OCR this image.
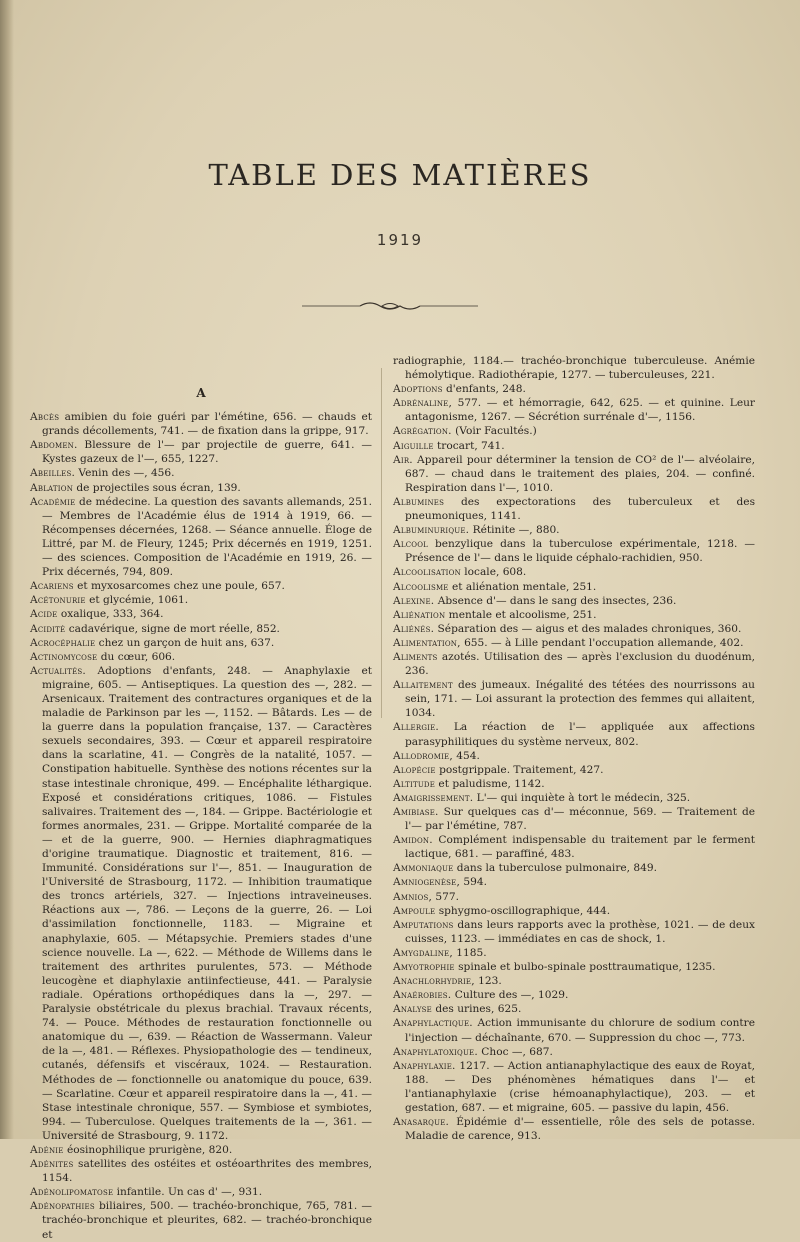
TABLE DES MATIÈRES
1919
A

Abcès amibien du foie guéri par l'émétine, 656. — chauds et grands décollements, 741. — de fixation dans la grippe, 917.

Abdomen. Blessure de l'— par projectile de guerre, 641. — Kystes gazeux de l'—, 655, 1227.

Abeilles. Venin des —, 456.

Ablation de projectiles sous écran, 139.

Académie de médecine. La question des savants allemands, 251. — Membres de l'Académie élus de 1914 à 1919, 66. — Récompenses décernées, 1268. — Séance annuelle. Éloge de Littré, par M. de Fleury, 1245; Prix décernés en 1919, 1251. — des sciences. Composition de l'Académie en 1919, 26. — Prix décernés, 794, 809.

Acariens et myxosarcomes chez une poule, 657.

Acétonurie et glycémie, 1061.

Acide oxalique, 333, 364.

Acidité cadavérique, signe de mort réelle, 852.

Acrocéphalie chez un garçon de huit ans, 637.

Actinomycose du cœur, 606.

Actualités. Adoptions d'enfants, 248. — Anaphylaxie et migraine, 605. — Antiseptiques. La question des —, 282. — Arsenicaux. Traitement des contractures organiques et de la maladie de Parkinson par les —, 1152. — Bâtards. Les — de la guerre dans la population française, 137. — Caractères sexuels secondaires, 393. — Cœur et appareil respiratoire dans la scarlatine, 41. — Congrès de la natalité, 1057. — Constipation habituelle. Synthèse des notions récentes sur la stase intestinale chronique, 499. — Encéphalite léthargique. Exposé et considérations critiques, 1086. — Fistules salivaires. Traitement des —, 184. — Grippe. Bactériologie et formes anormales, 231. — Grippe. Mortalité comparée de la — et de la guerre, 900. — Hernies diaphragmatiques d'origine traumatique. Diagnostic et traitement, 816. — Immunité. Considérations sur l'—, 851. — Inauguration de l'Université de Strasbourg, 1172. — Inhibition traumatique des troncs artériels, 327. — Injections intraveineuses. Réactions aux —, 786. — Leçons de la guerre, 26. — Loi d'assimilation fonctionnelle, 1183. — Migraine et anaphylaxie, 605. — Métapsychie. Premiers stades d'une science nouvelle. La —, 622. — Méthode de Willems dans le traitement des arthrites purulentes, 573. — Méthode leucogène et diaphylaxie antiinfectieuse, 441. — Paralysie radiale. Opérations orthopédiques dans la —, 297. — Paralysie obstétricale du plexus brachial. Travaux récents, 74. — Pouce. Méthodes de restauration fonctionnelle ou anatomique du —, 639. — Réaction de Wassermann. Valeur de la —, 481. — Réflexes. Physiopathologie des — tendineux, cutanés, défensifs et viscéraux, 1024. — Restauration. Méthodes de — fonctionnelle ou anatomique du pouce, 639. — Scarlatine. Cœur et appareil respiratoire dans la —, 41. — Stase intestinale chronique, 557. — Symbiose et symbiotes, 994. — Tuberculose. Quelques traitements de la —, 361. — Université de Strasbourg, 9. 1172.

Adénie éosinophilique prurigène, 820.

Adénites satellites des ostéites et ostéoarthrites des membres, 1154.

Adénolipomatose infantile. Un cas d' —, 931.

Adénopathies biliaires, 500. — trachéo-bronchique, 765, 781. — trachéo-bronchique et pleurites, 682. — trachéo-bronchique et

radiographie, 1184.— trachéo-bronchique tuberculeuse. Anémie hémolytique. Radiothérapie, 1277. — tuberculeuses, 221.

Adoptions d'enfants, 248.

Adrénaline, 577. — et hémorragie, 642, 625. — et quinine. Leur antagonisme, 1267. — Sécrétion surrénale d'—, 1156.

Agrégation. (Voir Facultés.)

Aiguille trocart, 741.

Air. Appareil pour déterminer la tension de CO² de l'— alvéolaire, 687. — chaud dans le traitement des plaies, 204. — confiné. Respiration dans l'—, 1010.

Albumines des expectorations des tuberculeux et des pneumoniques, 1141.

Albuminurique. Rétinite —, 880.

Alcool benzylique dans la tuberculose expérimentale, 1218. — Présence de l'— dans le liquide céphalo-rachidien, 950.

Alcoolisation locale, 608.

Alcoolisme et aliénation mentale, 251.

Alexine. Absence d'— dans le sang des insectes, 236.

Aliénation mentale et alcoolisme, 251.

Aliénés. Séparation des — aigus et des malades chroniques, 360.

Alimentation, 655. — à Lille pendant l'occupation allemande, 402.

Aliments azotés. Utilisation des — après l'exclusion du duodénum, 236.

Allaitement des jumeaux. Inégalité des tétées des nourrissons au sein, 171. — Loi assurant la protection des femmes qui allaitent, 1034.

Allergie. La réaction de l'— appliquée aux affections parasyphilitiques du système nerveux, 802.

Allodromie, 454.

Alopécie postgrippale. Traitement, 427.

Altitude et paludisme, 1142.

Amaigrissement. L'— qui inquiète à tort le médecin, 325.

Amibiase. Sur quelques cas d'— méconnue, 569. — Traitement de l'— par l'émétine, 787.

Amidon. Complément indispensable du traitement par le ferment lactique, 681. — paraffiné, 483.

Ammoniaque dans la tuberculose pulmonaire, 849.

Amniogenèse, 594.

Amnios, 577.

Ampoule sphygmo-oscillographique, 444.

Amputations dans leurs rapports avec la prothèse, 1021. — de deux cuisses, 1123. — immédiates en cas de shock, 1.

Amygdaline, 1185.

Amyotrophie spinale et bulbo-spinale posttraumatique, 1235.

Anachlorhydrie, 123.

Anaérobies. Culture des —, 1029.

Analyse des urines, 625.

Anaphylactique. Action immunisante du chlorure de sodium contre l'injection — déchaînante, 670. — Suppression du choc —, 773.

Anaphylatoxique. Choc —, 687.

Anaphylaxie. 1217. — Action antianaphylactique des eaux de Royat, 188. — Des phénomènes hématiques dans l'— et l'antianaphylaxie (crise hémoanaphylactique), 203. — et gestation, 687. — et migraine, 605. — passive du lapin, 456.

Anasarque. Épidémie d'— essentielle, rôle des sels de potasse. Maladie de carence, 913.
